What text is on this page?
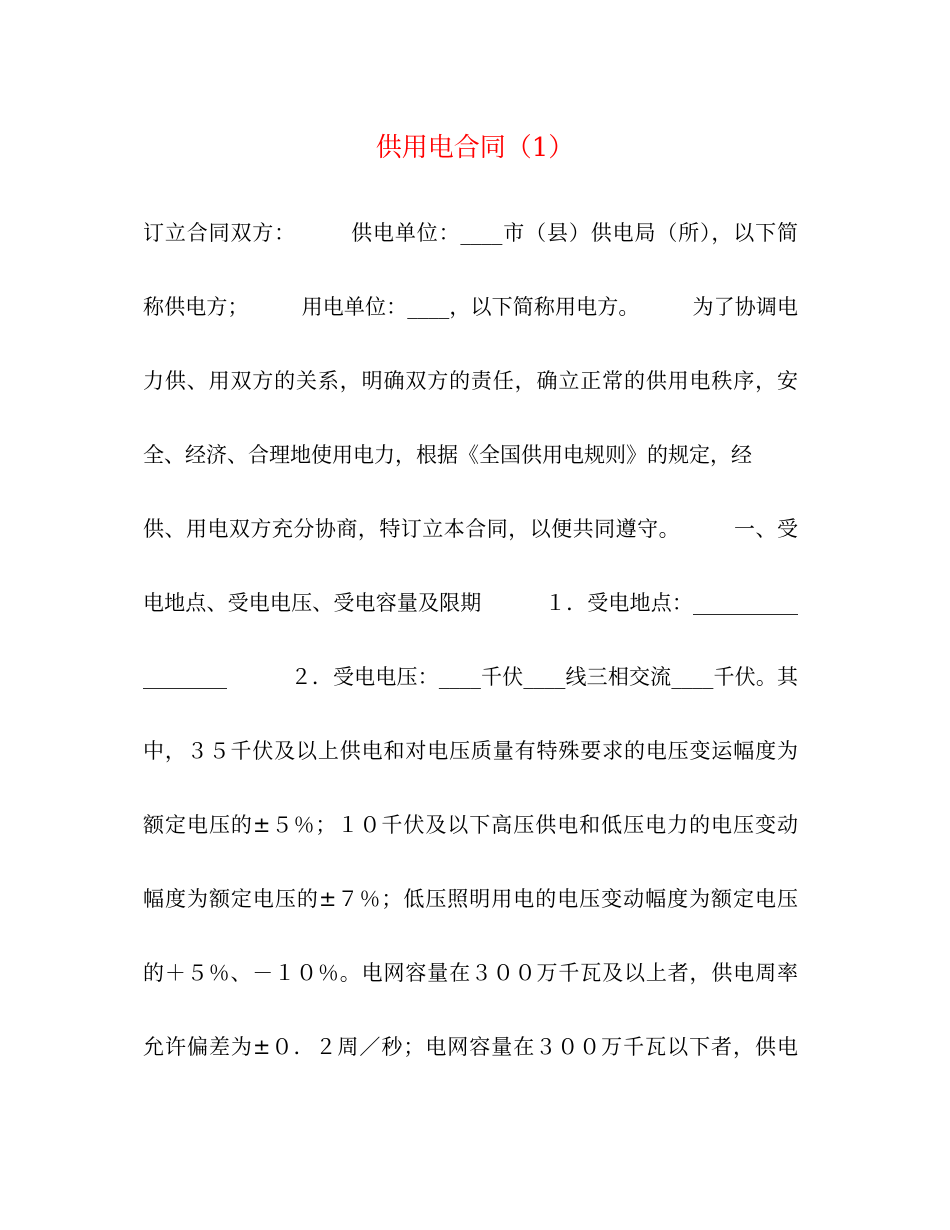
供用电合同（1）
订立合同双方：　　　供电单位：____市（县）供电局（所），以下简
称供电方；　　　用电单位：____，以下简称用电方。　　　为了协调电
力供、用双方的关系，明确双方的责任，确立正常的供用电秩序，安
全、经济、合理地使用电力，根据《全国供用电规则》的规定，经
供、用电双方充分协商，特订立本合同，以便共同遵守。　　　一、受
电地点、受电电压、受电容量及限期　　　１．受电地点：__________
________　　　２．受电电压：____千伏____线三相交流____千伏。其
中，３５千伏及以上供电和对电压质量有特殊要求的电压变运幅度为
额定电压的±５％；１０千伏及以下高压供电和低压电力的电压变动
幅度为额定电压的±７％；低压照明用电的电压变动幅度为额定电压
的＋５％、－１０％。电网容量在３００万千瓦及以上者，供电周率
允许偏差为±０．２周／秒；电网容量在３００万千瓦以下者，供电
